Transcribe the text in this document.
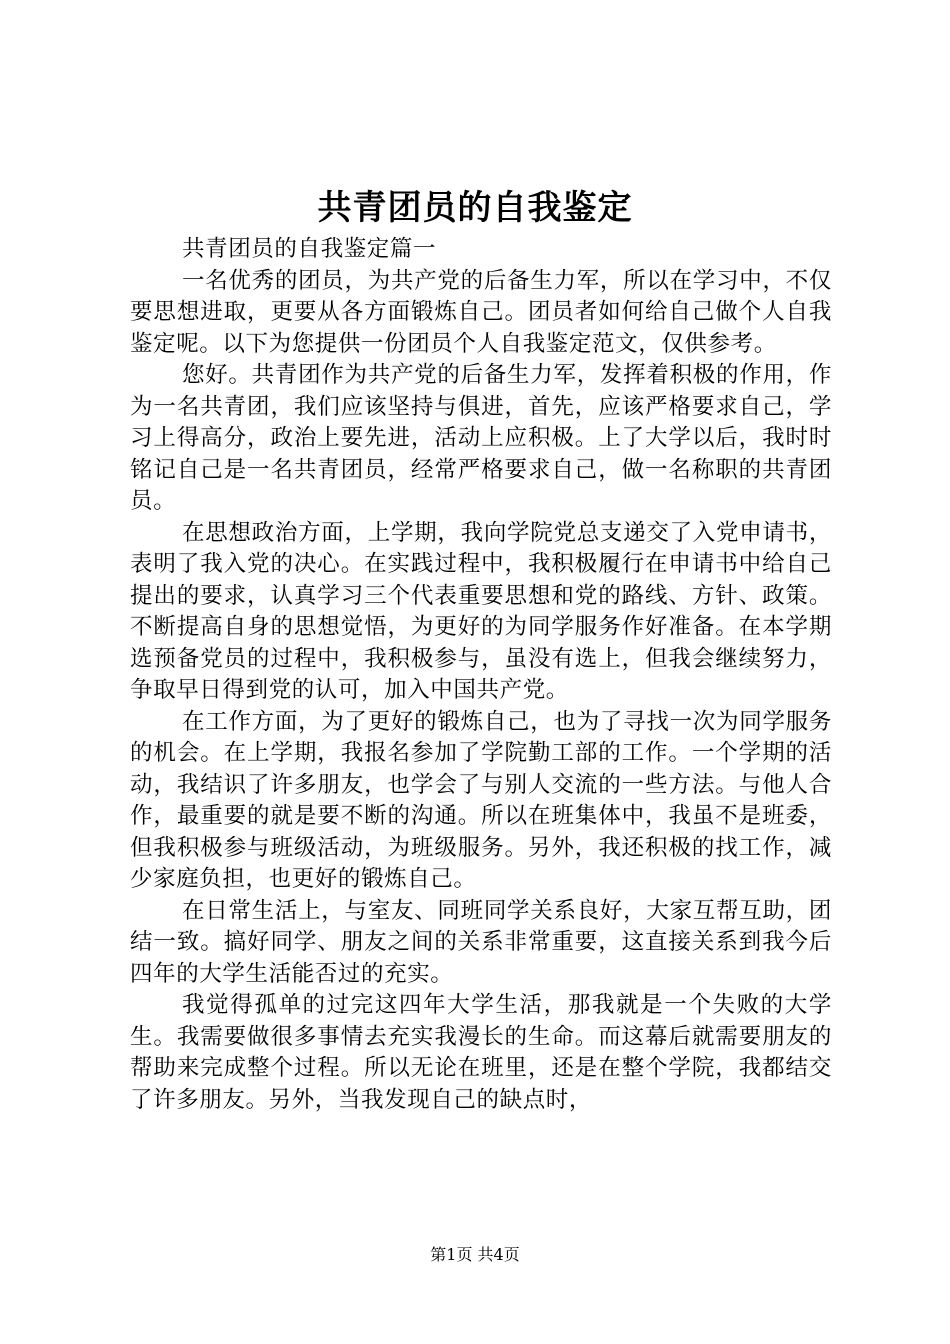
共青团员的自我鉴定

共青团员的自我鉴定篇一

一名优秀的团员，为共产党的后备生力军，所以在学习中，不仅要思想进取，更要从各方面锻炼自己。团员者如何给自己做个人自我鉴定呢。以下为您提供一份团员个人自我鉴定范文，仅供参考。

您好。共青团作为共产党的后备生力军，发挥着积极的作用，作为一名共青团，我们应该坚持与俱进，首先，应该严格要求自己，学习上得高分，政治上要先进，活动上应积极。上了大学以后，我时时铭记自己是一名共青团员，经常严格要求自己，做一名称职的共青团员。

在思想政治方面，上学期，我向学院党总支递交了入党申请书，表明了我入党的决心。在实践过程中，我积极履行在申请书中给自己提出的要求，认真学习三个代表重要思想和党的路线、方针、政策。不断提高自身的思想觉悟，为更好的为同学服务作好准备。在本学期选预备党员的过程中，我积极参与，虽没有选上，但我会继续努力，争取早日得到党的认可，加入中国共产党。

在工作方面，为了更好的锻炼自己，也为了寻找一次为同学服务的机会。在上学期，我报名参加了学院勤工部的工作。一个学期的活动，我结识了许多朋友，也学会了与别人交流的一些方法。与他人合作，最重要的就是要不断的沟通。所以在班集体中，我虽不是班委，但我积极参与班级活动，为班级服务。另外，我还积极的找工作，减少家庭负担，也更好的锻炼自己。

在日常生活上，与室友、同班同学关系良好，大家互帮互助，团结一致。搞好同学、朋友之间的关系非常重要，这直接关系到我今后四年的大学生活能否过的充实。

我觉得孤单的过完这四年大学生活，那我就是一个失败的大学生。我需要做很多事情去充实我漫长的生命。而这幕后就需要朋友的帮助来完成整个过程。所以无论在班里，还是在整个学院，我都结交了许多朋友。另外，当我发现自己的缺点时，

第1页 共4页
